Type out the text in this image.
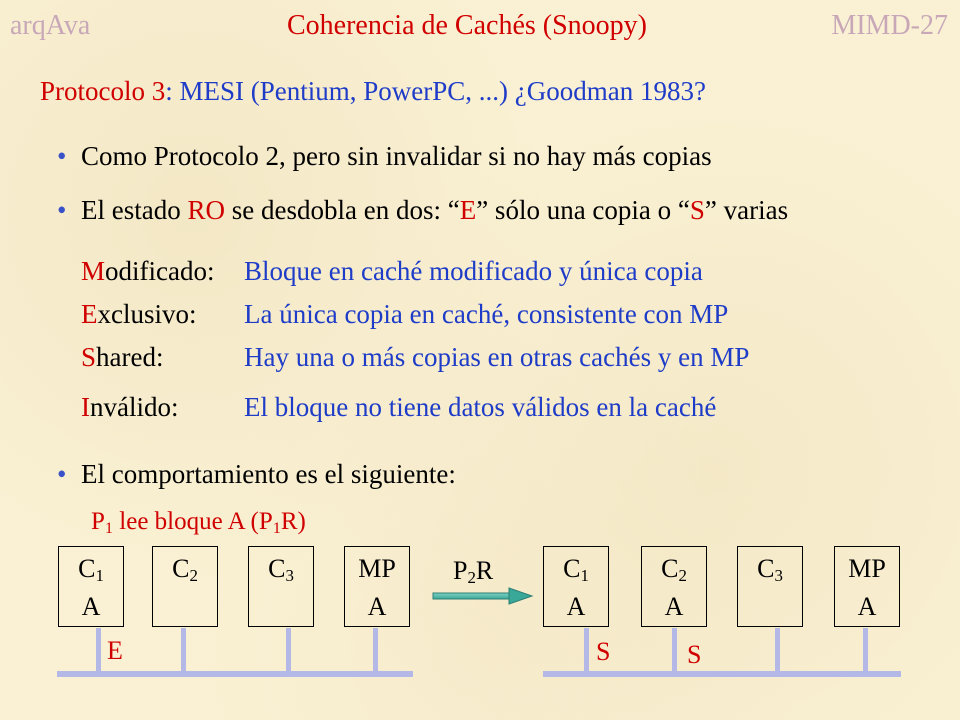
arqAva	Coherencia de Cachés (Snoopy)	MIMD-27
Protocolo 3: MESI (Pentium, PowerPC, ...) ¿Goodman 1983?
• Como Protocolo 2, pero sin invalidar si no hay más copias
• El estado RO se desdobla en dos: “E” sólo una copia o “S” varias
Modificado: Bloque en caché modificado y única copia
Exclusivo: La única copia en caché, consistente con MP
Shared:	Hay una o más copias en otras cachés y en MP
Inválido: El bloque no tiene datos válidos en la caché
• El comportamiento es el siguiente:
$P_1$ lee bloque A $(P_1R)$
$C_1$
A
$C_2$	$C_3$	MP
A
E
$P_2R$	$C_1$
A
$C_2$
A
$C_3$	MP
A
S	S
